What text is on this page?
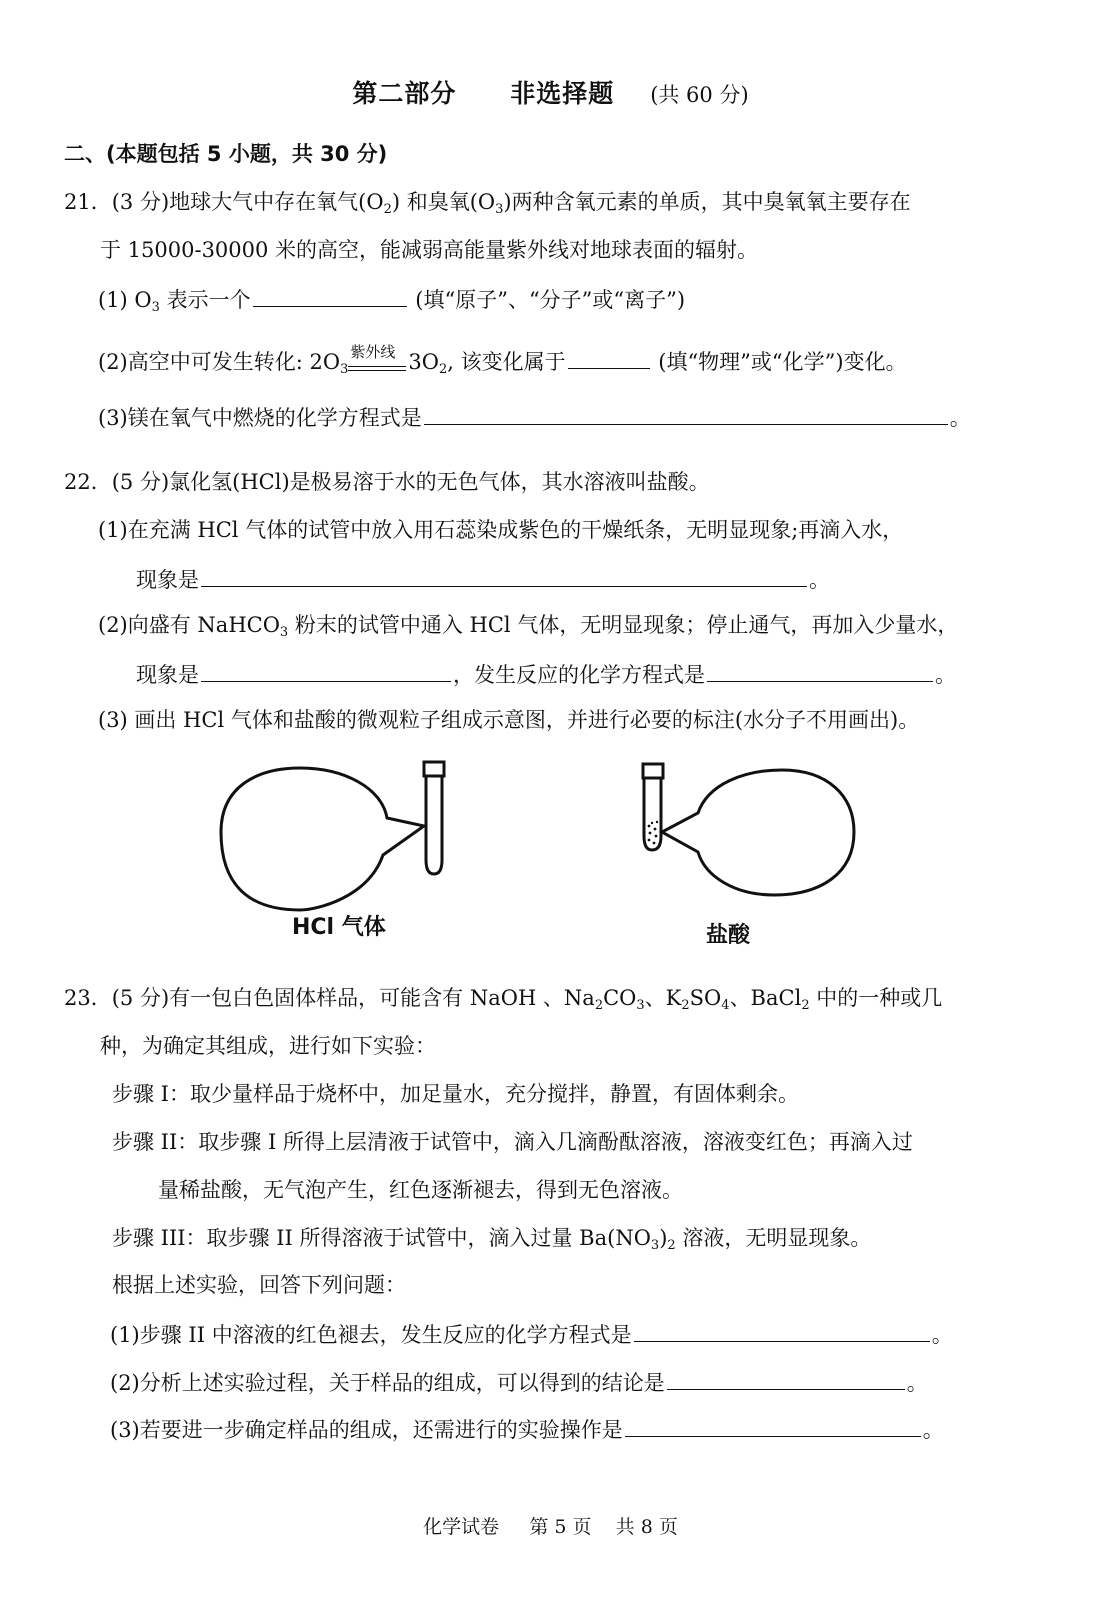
第二部分 非选择题 (共 60 分)
二、(本题包括 5 小题，共 30 分)
21．(3 分)地球大气中存在氧气$(O_2)$ 和臭氧$(O_3)$两种含氧元素的单质，其中臭氧氧主要存在
于 15000-30000 米的高空，能减弱高能量紫外线对地球表面的辐射。
(1) $O_3$ 表示一个	(填“原子”、“分子”或“离子”)
(2)高空中可发生转化: $2O_3$
紫外线 $3O_2$, 该变化属于	(填“物理”或“化学”)变化。
(3)镁在氧气中燃烧的化学方程式是	。
22．(5 分)氯化氢(HCl)是极易溶于水的无色气体，其水溶液叫盐酸。
(1)在充满 HCl 气体的试管中放入用石蕊染成紫色的干燥纸条，无明显现象;再滴入水，
现象是	。
(2)向盛有 NaHCO$_3$ 粉末的试管中通入 HCl 气体，无明显现象；停止通气，再加入少量水，
现象是	，发生反应的化学方程式是	。
(3) 画出 HCl 气体和盐酸的微观粒子组成示意图，并进行必要的标注(水分子不用画出)。
HCl 气体	盐酸
23．(5 分)有一包白色固体样品，可能含有 NaOH 、$Na_2CO_3$、$K_2SO_4$、BaCl$_2$ 中的一种或几
种，为确定其组成，进行如下实验：
步骤 I：取少量样品于烧杯中，加足量水，充分搅拌，静置，有固体剩余。
步骤 II：取步骤 I 所得上层清液于试管中，滴入几滴酚酞溶液，溶液变红色；再滴入过
量稀盐酸，无气泡产生，红色逐渐褪去，得到无色溶液。
步骤 III：取步骤 II 所得溶液于试管中，滴入过量 $Ba(NO_3)_2$ 溶液，无明显现象。
根据上述实验，回答下列问题：
(1)步骤 II 中溶液的红色褪去，发生反应的化学方程式是	。
(2)分析上述实验过程，关于样品的组成，可以得到的结论是	。
(3)若要进一步确定样品的组成，还需进行的实验操作是	。
化学试卷     第 5 页    共 8 页
